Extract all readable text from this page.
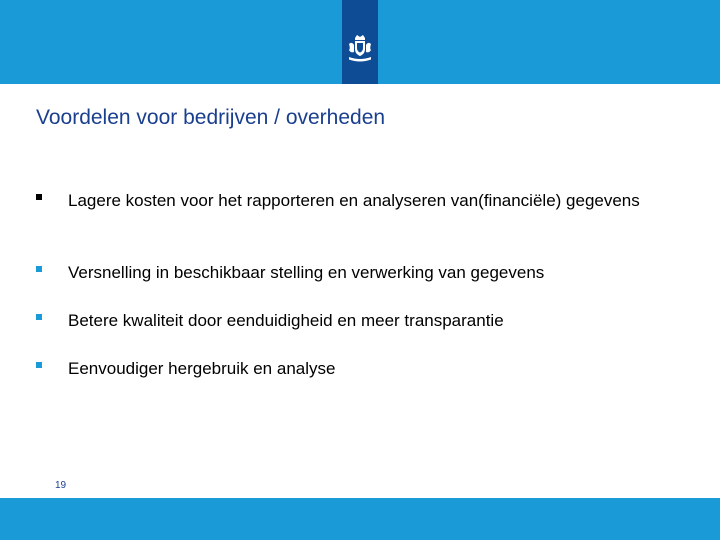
Voordelen voor bedrijven / overheden
Lagere kosten voor het rapporteren en analyseren van(financiële) gegevens
Versnelling in beschikbaar stelling en verwerking van gegevens
Betere kwaliteit door eenduidigheid en meer transparantie
Eenvoudiger hergebruik en analyse
19
